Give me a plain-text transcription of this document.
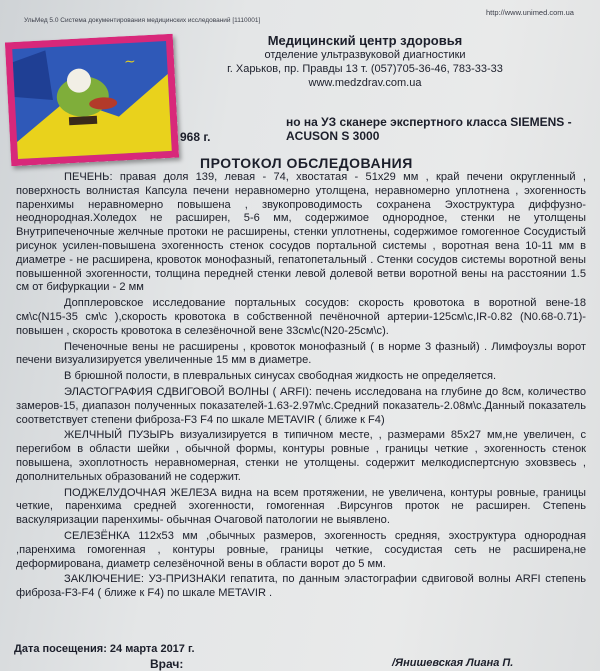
http://www.unimed.com.ua
УльМед 5.0 Система документирования медицинских исследований [1110001]
Медицинский центр здоровья
отделение ультразвуковой диагностики
г. Харьков, пр. Правды 13 т. (057)705-36-46, 783-33-33
www.medzdrav.com.ua
но на УЗ сканере экспертного класса SIEMENS - ACUSON S 3000
968 г.
ПРОТОКОЛ ОБСЛЕДОВАНИЯ

ПЕЧЕНЬ: правая доля 139, левая - 74, хвостатая - 51х29 мм , край печени округленный , поверхность волнистая Капсула печени неравномерно утолщена, неравномерно уплотнена , эхогенность паренхимы неравномерно повышена , звукопроводимость сохранена Эхоструктура диффузно-неоднородная.Холедох не расширен, 5-6 мм, содержимое однородное, стенки не утолщены Внутрипеченочные желчные протоки не расширены, стенки уплотнены, содержимое гомогенное Сосудистый рисунок усилен-повышена эхогенность стенок сосудов портальной системы , воротная вена 10-11 мм в диаметре - не расширена, кровоток монофазный, гепатопетальный . Стенки сосудов системы воротной вены повышенной эхогенности, толщина передней стенки левой долевой ветви воротной вены на расстоянии 1.5 см от бифуркации - 2 мм

Допплеровское исследование портальных сосудов: скорость кровотока в воротной вене-18 см\с(N15-35 см\с ),скорость кровотока в собственной печёночной артерии-125см\с,IR-0.82 (N0.68-0.71)- повышен , скорость кровотока в селезёночной вене 33см\с(N20-25см\с).

Печеночные вены не расширены , кровоток монофазный ( в норме 3 фазный) . Лимфоузлы ворот печени визуализируется увеличенные 15 мм в диаметре.

В брюшной полости, в плевральных синусах свободная жидкость не определяется.

ЭЛАСТОГРАФИЯ СДВИГОВОЙ ВОЛНЫ ( ARFI): печень исследована на глубине до 8см, количество замеров-15, диапазон полученных показателей-1.63-2.97м\с.Средний показатель-2.08м\с.Данный показатель соответствует степени фиброза-F3 F4 по шкале METAVIR ( ближе к F4)

ЖЕЛЧНЫЙ ПУЗЫРЬ визуализируется в типичном месте, , размерами 85х27 мм,не увеличен, с перегибом в области шейки , обычной формы, контуры ровные , границы четкие , эхогенность стенок повышена, эхоплотность неравномерная, стенки не утолщены. содержит мелкодиспертсную эховзвесь , дополнительных образований не содержит.

ПОДЖЕЛУДОЧНАЯ ЖЕЛЕЗА видна на всем протяжении, не увеличена, контуры ровные, границы четкие, паренхима средней эхогенности, гомогенная .Вирсунгов проток не расширен. Степень васкуляризации паренхимы- обычная Очаговой патологии не выявлено.

СЕЛЕЗЁНКА 112х53 мм ,обычных размеров, эхогенность средняя, эхоструктура однородная ,паренхима гомогенная , контуры ровные, границы четкие, сосудистая сеть не расширена,не деформирована, диаметр селезёночной вены в области ворот до 5 мм.

ЗАКЛЮЧЕНИЕ: УЗ-ПРИЗНАКИ гепатита, по данным эластографии сдвиговой волны ARFI степень фиброза-F3-F4 ( ближе к F4) по шкале METAVIR .

Дата посещения: 24 марта 2017 г.
Врач:	/Янишевская Лиана П.
~
